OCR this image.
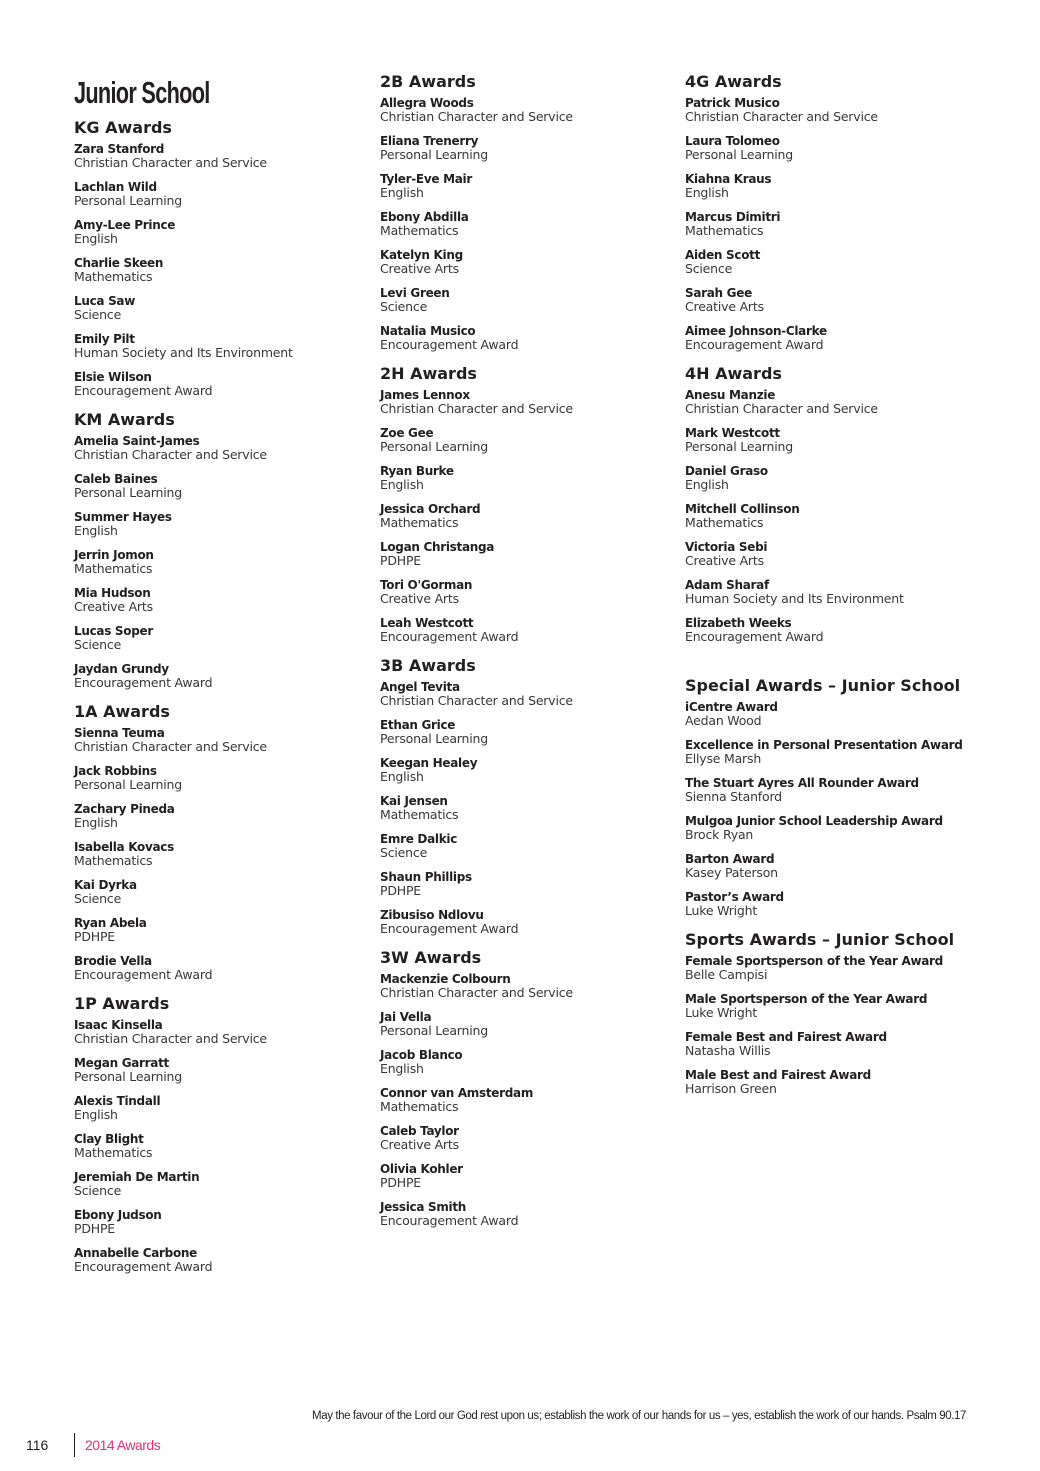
Junior School
KG Awards
Zara Stanford
Christian Character and Service
Lachlan Wild
Personal Learning
Amy-Lee Prince
English
Charlie Skeen
Mathematics
Luca Saw
Science
Emily Pilt
Human Society and Its Environment
Elsie Wilson
Encouragement Award
KM Awards
Amelia Saint-James
Christian Character and Service
Caleb Baines
Personal Learning
Summer Hayes
English
Jerrin Jomon
Mathematics
Mia Hudson
Creative Arts
Lucas Soper
Science
Jaydan Grundy
Encouragement Award
1A Awards
Sienna Teuma
Christian Character and Service
Jack Robbins
Personal Learning
Zachary Pineda
English
Isabella Kovacs
Mathematics
Kai Dyrka
Science
Ryan Abela
PDHPE
Brodie Vella
Encouragement Award
1P Awards
Isaac Kinsella
Christian Character and Service
Megan Garratt
Personal Learning
Alexis Tindall
English
Clay Blight
Mathematics
Jeremiah De Martin
Science
Ebony Judson
PDHPE
Annabelle Carbone
Encouragement Award
2B Awards
Allegra Woods
Christian Character and Service
Eliana Trenerry
Personal Learning
Tyler-Eve Mair
English
Ebony Abdilla
Mathematics
Katelyn King
Creative Arts
Levi Green
Science
Natalia Musico
Encouragement Award
2H Awards
James Lennox
Christian Character and Service
Zoe Gee
Personal Learning
Ryan Burke
English
Jessica Orchard
Mathematics
Logan Christanga
PDHPE
Tori O'Gorman
Creative Arts
Leah Westcott
Encouragement Award
3B Awards
Angel Tevita
Christian Character and Service
Ethan Grice
Personal Learning
Keegan Healey
English
Kai Jensen
Mathematics
Emre Dalkic
Science
Shaun Phillips
PDHPE
Zibusiso Ndlovu
Encouragement Award
3W Awards
Mackenzie Colbourn
Christian Character and Service
Jai Vella
Personal Learning
Jacob Blanco
English
Connor van Amsterdam
Mathematics
Caleb Taylor
Creative Arts
Olivia Kohler
PDHPE
Jessica Smith
Encouragement Award
4G Awards
Patrick Musico
Christian Character and Service
Laura Tolomeo
Personal Learning
Kiahna Kraus
English
Marcus Dimitri
Mathematics
Aiden Scott
Science
Sarah Gee
Creative Arts
Aimee Johnson-Clarke
Encouragement Award
4H Awards
Anesu Manzie
Christian Character and Service
Mark Westcott
Personal Learning
Daniel Graso
English
Mitchell Collinson
Mathematics
Victoria Sebi
Creative Arts
Adam Sharaf
Human Society and Its Environment
Elizabeth Weeks
Encouragement Award
Special Awards – Junior School
iCentre Award
Aedan Wood
Excellence in Personal Presentation Award
Ellyse Marsh
The Stuart Ayres All Rounder Award
Sienna Stanford
Mulgoa Junior School Leadership Award
Brock Ryan
Barton Award
Kasey Paterson
Pastor’s Award
Luke Wright
Sports Awards – Junior School
Female Sportsperson of the Year Award
Belle Campisi
Male Sportsperson of the Year Award
Luke Wright
Female Best and Fairest Award
Natasha Willis
Male Best and Fairest Award
Harrison Green
May the favour of the Lord our God rest upon us; establish the work of our hands for us – yes, establish the work of our hands. Psalm 90.17
116	2014 Awards
